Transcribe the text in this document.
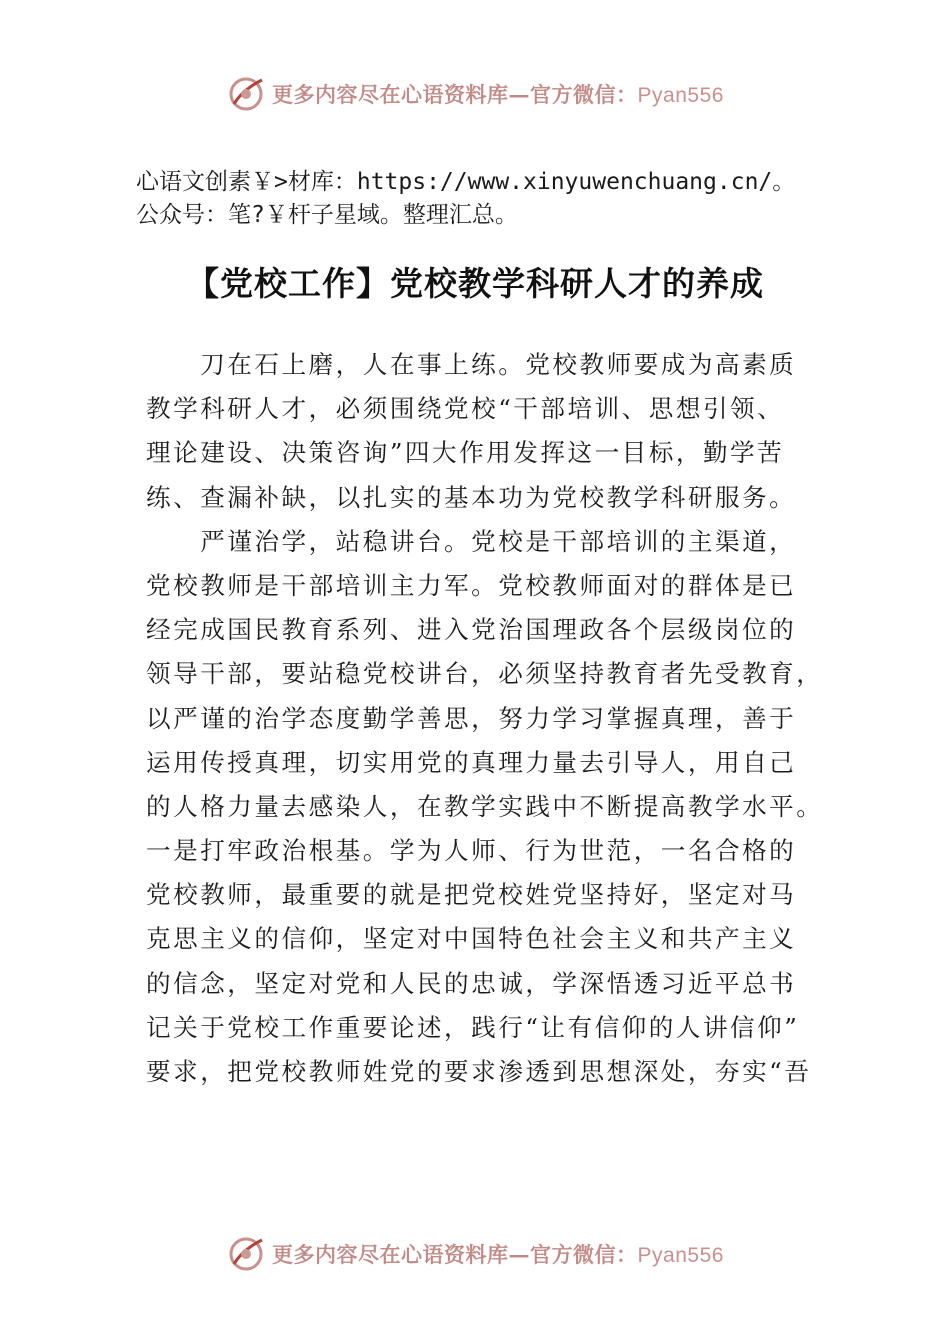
更多内容尽在心语资料库—官方微信：Pyan556
心语文创素￥>材库：https://www.xinyuwenchuang.cn/。
公众号：笔?￥杆子星域。整理汇总。
【党校工作】党校教学科研人才的养成
　　刀在石上磨，人在事上练。党校教师要成为高素质
教学科研人才，必须围绕党校“干部培训、思想引领、
理论建设、决策咨询”四大作用发挥这一目标，勤学苦
练、查漏补缺，以扎实的基本功为党校教学科研服务。
　　严谨治学，站稳讲台。党校是干部培训的主渠道，
党校教师是干部培训主力军。党校教师面对的群体是已
经完成国民教育系列、进入党治国理政各个层级岗位的
领导干部，要站稳党校讲台，必须坚持教育者先受教育，
以严谨的治学态度勤学善思，努力学习掌握真理，善于
运用传授真理，切实用党的真理力量去引导人，用自己
的人格力量去感染人，在教学实践中不断提高教学水平。
一是打牢政治根基。学为人师、行为世范，一名合格的
党校教师，最重要的就是把党校姓党坚持好，坚定对马
克思主义的信仰，坚定对中国特色社会主义和共产主义
的信念，坚定对党和人民的忠诚，学深悟透习近平总书
记关于党校工作重要论述，践行“让有信仰的人讲信仰”
要求，把党校教师姓党的要求渗透到思想深处，夯实“吾
更多内容尽在心语资料库—官方微信：Pyan556
